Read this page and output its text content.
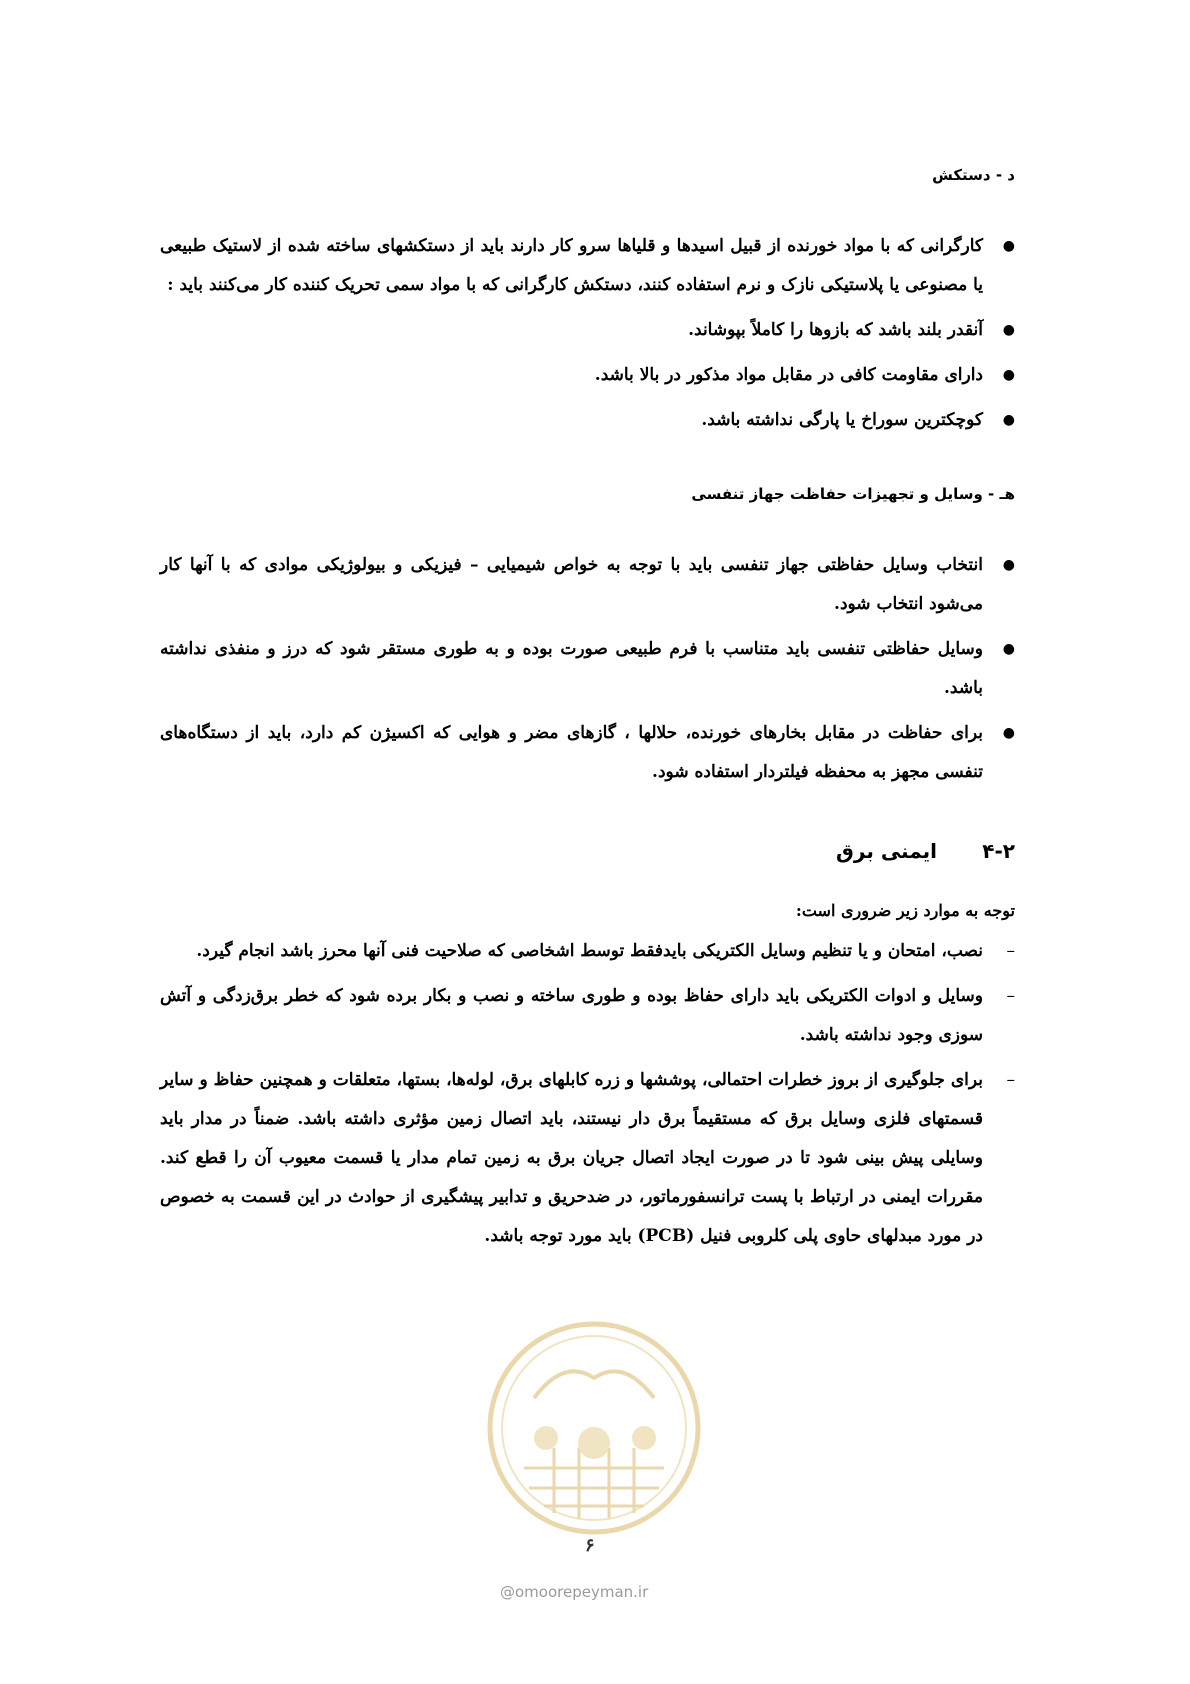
د - دستکش
●
کارگرانی که با مواد خورنده از قبیل اسیدها و قلیاها سرو کار دارند باید از دستکشهای ساخته شده از لاستیک طبیعی یا مصنوعی یا پلاستیکی نازک و نرم استفاده کنند، دستکش کارگرانی که با مواد سمی تحریک کننده کار می‌کنند باید :
●
آنقدر بلند باشد که بازوها را کاملاً بپوشاند.
●
دارای مقاومت کافی در مقابل مواد مذکور در بالا باشد.
●
کوچکترین سوراخ یا پارگی نداشته باشد.
هـ - وسایل و تجهیزات حفاظت جهاز تنفسی
●
انتخاب وسایل حفاظتی جهاز تنفسی باید با توجه به خواص شیمیایی – فیزیکی و بیولوژیکی موادی که با آنها کار می‌شود انتخاب شود.
●
وسایل حفاظتی تنفسی باید متناسب با فرم طبیعی صورت بوده و به طوری مستقر شود که درز و منفذی نداشته باشد.
●
برای حفاظت در مقابل بخارهای خورنده، حلالها ، گازهای مضر و هوایی که اکسیژن کم دارد، باید از دستگاه‌های تنفسی مجهز به محفظه فیلتردار استفاده شود.
۴-۲
ایمنی برق
توجه به موارد زیر ضروری است:
–
نصب، امتحان و یا تنظیم وسایل الکتریکی بایدفقط توسط اشخاصی که صلاحیت فنی آنها محرز باشد انجام گیرد.
–
وسایل و ادوات الکتریکی باید دارای حفاظ بوده و طوری ساخته و نصب و بکار برده شود که خطر برق‌زدگی و آتش سوزی وجود نداشته باشد.
–
برای جلوگیری از بروز خطرات احتمالی، پوششها و زره کابلهای برق، لوله‌ها، بستها، متعلقات و همچنین حفاظ و سایر قسمتهای فلزی وسایل برق که مستقیماً برق دار نیستند، باید اتصال زمین مؤثری داشته باشد. ضمناً در مدار باید وسایلی پیش بینی شود تا در صورت ایجاد اتصال جریان برق به زمین تمام مدار یا قسمت معیوب آن را قطع کند. مقررات ایمنی در ارتباط با پست ترانسفورماتور، در ضدحریق و تدابیر پیشگیری از حوادث در این قسمت به خصوص در مورد مبدلهای حاوی پلی کلروبی فنیل (PCB) باید مورد توجه باشد.
۶
@omoorepeyman.ir
